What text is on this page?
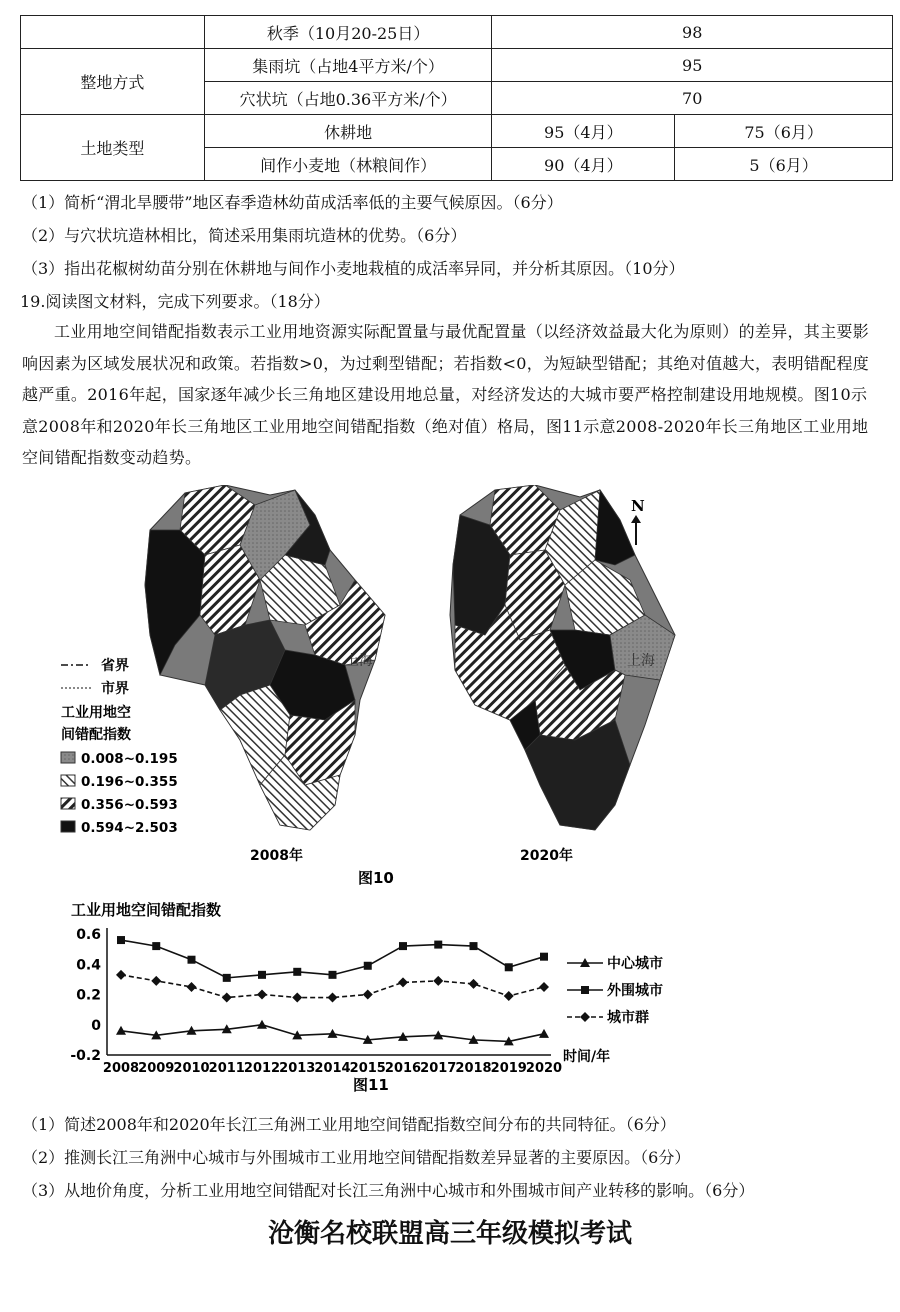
	秋季（10月20-25日）	98	
整地方式	集雨坑（占地4平方米/个）	95	
	穴状坑（占地0.36平方米/个）	70	
土地类型	休耕地	95（4月）	75（6月）
	间作小麦地（林粮间作）	90（4月）	5（6月）
（1）简析“渭北旱腰带”地区春季造林幼苗成活率低的主要气候原因。（6分）
（2）与穴状坑造林相比，简述采用集雨坑造林的优势。（6分）
（3）指出花椒树幼苗分别在休耕地与间作小麦地栽植的成活率异同，并分析其原因。（10分）
19.阅读图文材料，完成下列要求。（18分）
工业用地空间错配指数表示工业用地资源实际配置量与最优配置量（以经济效益最大化为原则）的差异，其主要影响因素为区域发展状况和政策。若指数>0，为过剩型错配；若指数<0，为短缺型错配；其绝对值越大，表明错配程度越严重。2016年起，国家逐年减少长三角地区建设用地总量，对经济发达的大城市要严格控制建设用地规模。图10示意2008年和2020年长三角地区工业用地空间错配指数（绝对值）格局，图11示意2008-2020年长三角地区工业用地空间错配指数变动趋势。
上海	上海
N
省界
市界
工业用地空
间错配指数
0.008~0.195
0.196~0.355
0.356~0.593
0.594~2.503
2008年	2020年
图10
工业用地空间错配指数
0.6
0.4
0.2
0
-0.2
2008 2009 2010 2011 2012 2013 2014 2015 2016 2017 2018 2019 2020
时间/年
中心城市
外围城市
城市群
图11
（1）简述2008年和2020年长江三角洲工业用地空间错配指数空间分布的共同特征。（6分）
（2）推测长江三角洲中心城市与外围城市工业用地空间错配指数差异显著的主要原因。（6分）
（3）从地价角度，分析工业用地空间错配对长江三角洲中心城市和外围城市间产业转移的影响。（6分）
沧衡名校联盟高三年级模拟考试
